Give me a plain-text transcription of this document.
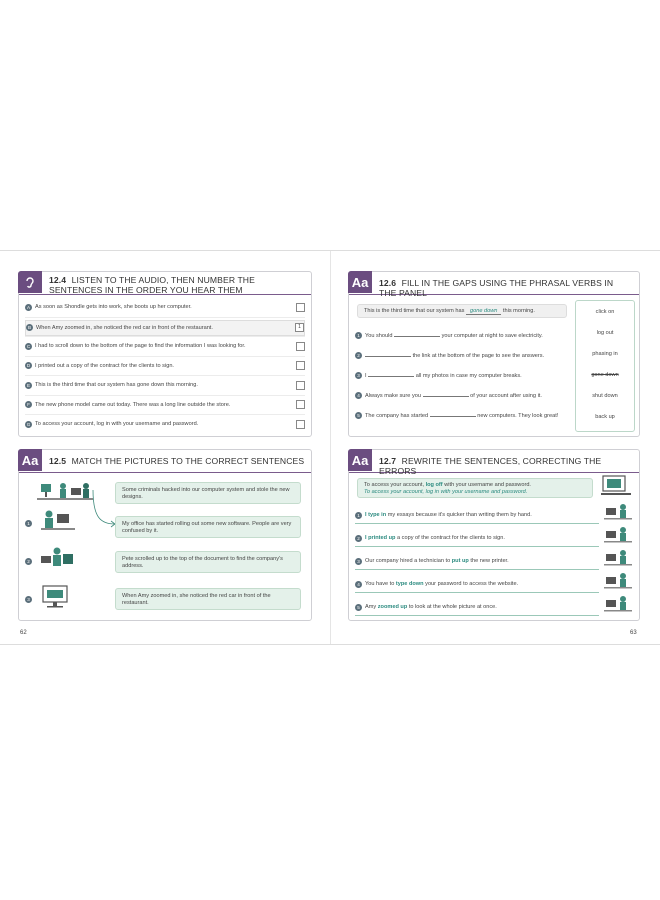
12.4 LISTEN TO THE AUDIO, THEN NUMBER THE SENTENCES IN THE ORDER YOU HEAR THEM
A As soon as Shondle gets into work, she boots up her computer.
B When Amy zoomed in, she noticed the red car in front of the restaurant.	1
C I had to scroll down to the bottom of the page to find the information I was looking for.
D I printed out a copy of the contract for the clients to sign.
E This is the third time that our system has gone down this morning.
F The new phone model came out today. There was a long line outside the store.
G To access your account, log in with your username and password.
Aa	12.5 MATCH THE PICTURES TO THE CORRECT SENTENCES
1
2
3
Some criminals hacked into our computer system and stole the new designs.
My office has started rolling out some new software. People are very confused by it.
Pete scrolled up to the top of the document to find the company's address.
When Amy zoomed in, she noticed the red car in front of the restaurant.
Aa	12.6 FILL IN THE GAPS USING THE PHRASAL VERBS IN THE PANEL
This is the third time that our system has gone down this morning.
1 You should	your computer at night to save electricity.
2	the link at the bottom of the page to see the answers.
3 I	all my photos in case my computer breaks.
4 Always make sure you	of your account after using it.
5 The company has started	new computers. They look great!
click on
log out
phasing in
gone down
shut down
back up
Aa	12.7 REWRITE THE SENTENCES, CORRECTING THE ERRORS
To access your account, log off with your username and password.
To access your account, log in with your username and password.
1 I type in my essays because it's quicker than writing them by hand.
2 I printed up a copy of the contract for the clients to sign.
3 Our company hired a technician to put up the new printer.
4 You have to type down your password to access the website.
5 Amy zoomed up to look at the whole picture at once.
62	63
